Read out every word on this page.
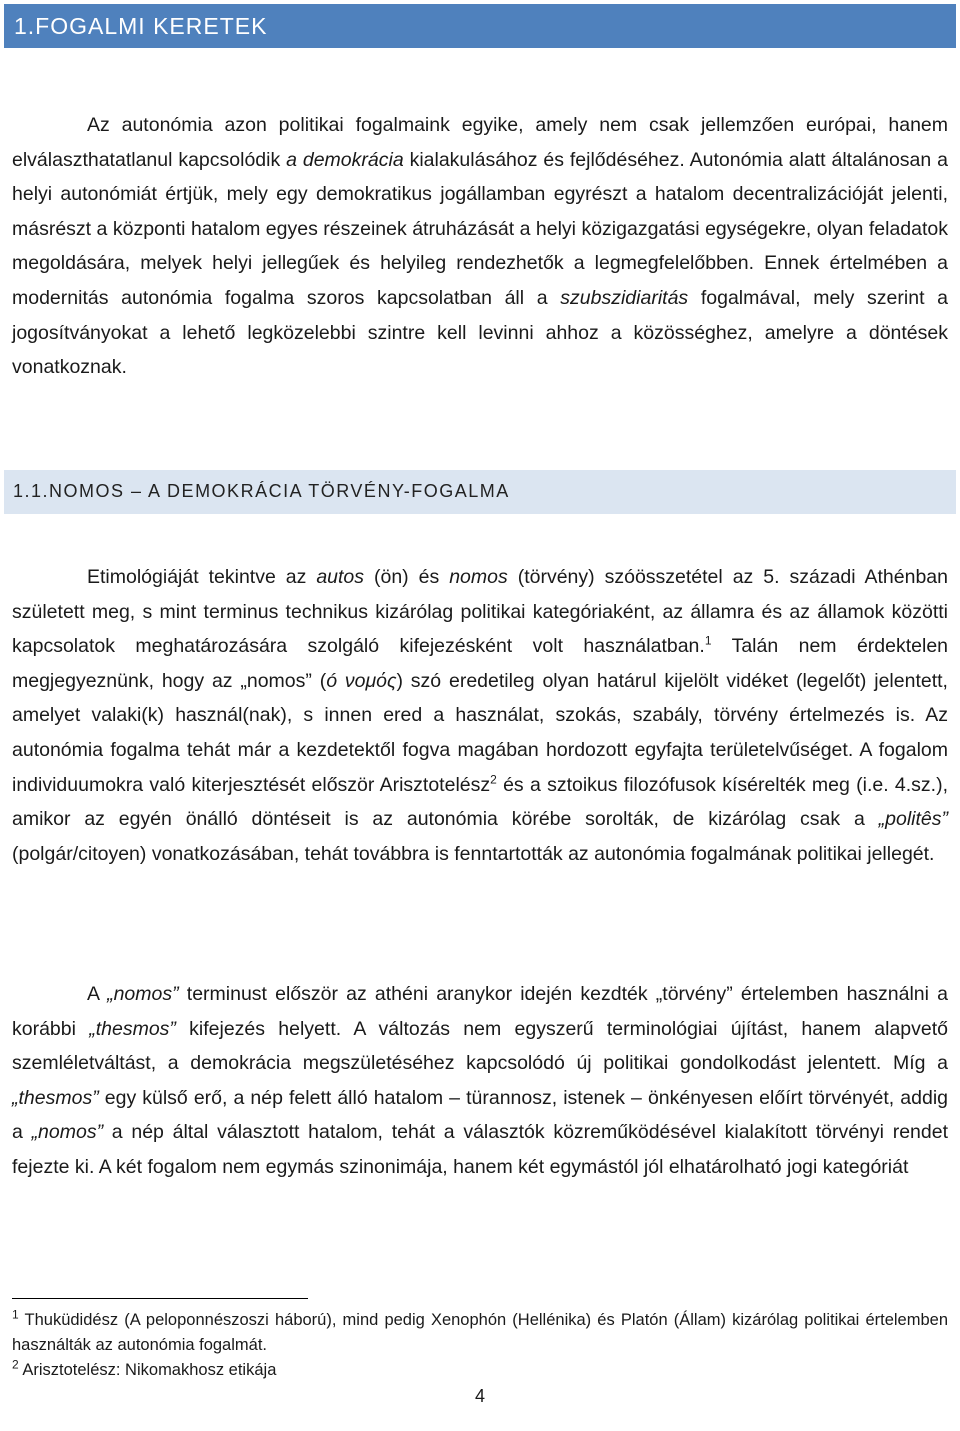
1.FOGALMI KERETEK

Az autonómia azon politikai fogalmaink egyike, amely nem csak jellemzően európai, hanem elválaszthatatlanul kapcsolódik a demokrácia kialakulásához és fejlődéséhez. Autonómia alatt általánosan a helyi autonómiát értjük, mely egy demokratikus jogállamban egyrészt a hatalom decentralizációját jelenti, másrészt a központi hatalom egyes részeinek átruházását a helyi közigazgatási egységekre, olyan feladatok megoldására, melyek helyi jellegűek és helyileg rendezhetők a legmegfelelőbben. Ennek értelmében a modernitás autonómia fogalma szoros kapcsolatban áll a szubszidiaritás fogalmával, mely szerint a jogosítványokat a lehető legközelebbi szintre kell levinni ahhoz a közösséghez, amelyre a döntések vonatkoznak.

1.1.NOMOS – A DEMOKRÁCIA TÖRVÉNY-FOGALMA

Etimológiáját tekintve az autos (ön) és nomos (törvény) szóösszetétel az 5. századi Athénban született meg, s mint terminus technikus kizárólag politikai kategóriaként, az államra és az államok közötti kapcsolatok meghatározására szolgáló kifejezésként volt használatban.$^1$ Talán nem érdektelen megjegyeznünk, hogy az „nomos” (ó νομός) szó eredetileg olyan határul kijelölt vidéket (legelőt) jelentett, amelyet valaki(k) használ(nak), s innen ered a használat, szokás, szabály, törvény értelmezés is. Az autonómia fogalma tehát már a kezdetektől fogva magában hordozott egyfajta területelvűséget. A fogalom individuumokra való kiterjesztését először Arisztotelész$^2$ és a sztoikus filozófusok kísérelték meg (i.e. 4.sz.), amikor az egyén önálló döntéseit is az autonómia körébe sorolták, de kizárólag csak a „politês” (polgár/citoyen) vonatkozásában, tehát továbbra is fenntartották az autonómia fogalmának politikai jellegét.

A „nomos” terminust először az athéni aranykor idején kezdték „törvény” értelemben használni a korábbi „thesmos” kifejezés helyett. A változás nem egyszerű terminológiai újítást, hanem alapvető szemléletváltást, a demokrácia megszületéséhez kapcsolódó új politikai gondolkodást jelentett. Míg a „thesmos” egy külső erő, a nép felett álló hatalom – türannosz, istenek – önkényesen előírt törvényét, addig a „nomos” a nép által választott hatalom, tehát a választók közreműködésével kialakított törvényi rendet fejezte ki. A két fogalom nem egymás szinonimája, hanem két egymástól jól elhatárolható jogi kategóriát

$^1$ Thuküdidész (A peloponnészoszi háború), mind pedig Xenophón (Hellénika) és Platón (Állam) kizárólag politikai értelemben használták az autonómia fogalmát.

$^2$ Arisztotelész: Nikomakhosz etikája

4
